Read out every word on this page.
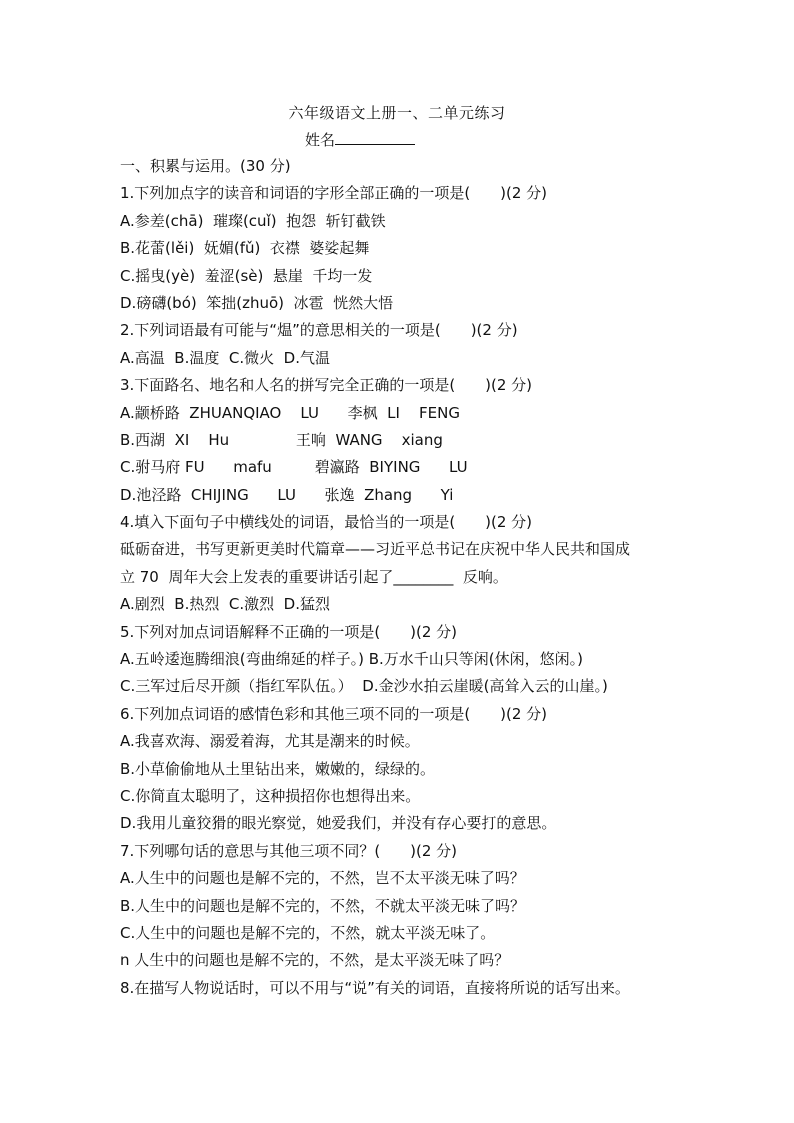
六年级语文上册一、二单元练习
姓名
一、积累与运用。(30 分)
1.下列加点字的读音和词语的字形全部正确的一项是(　　)(2 分)
A.参差(chā)  璀璨(cuǐ)  抱怨  斩钉截铁
B.花蕾(lěi)  妩媚(fǔ)  衣襟  婆娑起舞
C.摇曳(yè)  羞涩(sè)  悬崖  千均一发
D.磅礴(bó)  笨拙(zhuō)  冰雹  恍然大悟
2.下列词语最有可能与“煴”的意思相关的一项是(　　)(2 分)
A.高温  B.温度  C.微火  D.气温
3.下面路名、地名和人名的拼写完全正确的一项是(　　)(2 分)
A.颛桥路  ZHUANQIAO    LU      李枫  LI    FENG
B.西湖  XI    Hu              王响  WANG    xiang
C.驸马府 FU      mafu         碧瀛路  BIYING      LU
D.池泾路  CHIJING      LU      张逸  Zhang      Yi
4.填入下面句子中横线处的词语，最恰当的一项是(　　)(2 分)
砥砺奋进，书写更新更美时代篇章——习近平总书记在庆祝中华人民共和国成
立 70  周年大会上发表的重要讲话引起了________  反响。
A.剧烈  B.热烈  C.激烈  D.猛烈
5.下列对加点词语解释不正确的一项是(　　)(2 分)
A.五岭逶迤腾细浪(弯曲绵延的样子。) B.万水千山只等闲(休闲，悠闲。)
C.三军过后尽开颜（指红军队伍。）  D.金沙水拍云崖暖(高耸入云的山崖。)
6.下列加点词语的感情色彩和其他三项不同的一项是(　　)(2 分)
A.我喜欢海、溺爱着海，尤其是潮来的时候。
B.小草偷偷地从土里钻出来，嫩嫩的，绿绿的。
C.你简直太聪明了，这种损招你也想得出来。
D.我用儿童狡猾的眼光察觉，她爱我们，并没有存心要打的意思。
7.下列哪句话的意思与其他三项不同？(　　)(2 分)
A.人生中的问题也是解不完的，不然，岂不太平淡无味了吗？
B.人生中的问题也是解不完的，不然，不就太平淡无味了吗？
C.人生中的问题也是解不完的，不然，就太平淡无味了。
n 人生中的问题也是解不完的，不然，是太平淡无味了吗？
8.在描写人物说话时，可以不用与“说”有关的词语，直接将所说的话写出来。
